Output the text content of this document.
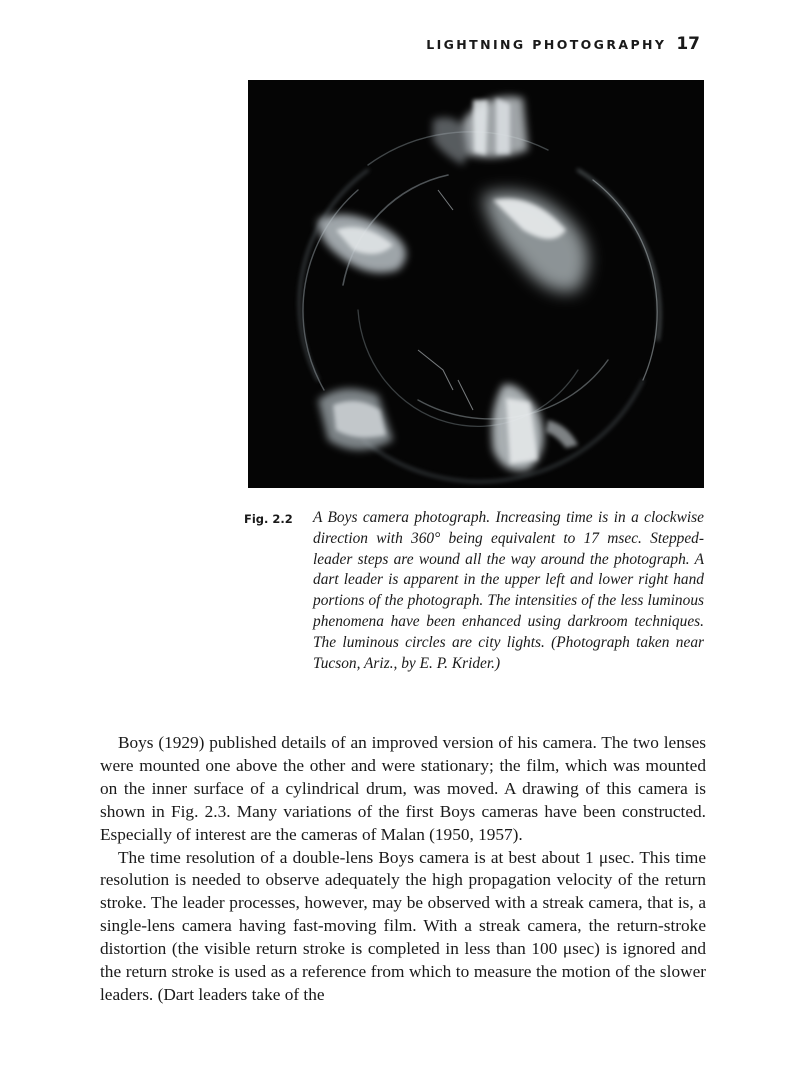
LIGHTNING PHOTOGRAPHY 17
Fig. 2.2 A Boys camera photograph. Increasing time is in a clockwise direction with 360° being equivalent to 17 msec. Stepped-leader steps are wound all the way around the photograph. A dart leader is apparent in the upper left and lower right hand portions of the photograph. The intensities of the less luminous phenomena have been enhanced using darkroom techniques. The luminous circles are city lights. (Photograph taken near Tucson, Ariz., by E. P. Krider.)

Boys (1929) published details of an improved version of his camera. The two lenses were mounted one above the other and were stationary; the film, which was mounted on the inner surface of a cylindrical drum, was moved. A drawing of this camera is shown in Fig. 2.3. Many variations of the first Boys cameras have been constructed. Especially of interest are the cameras of Malan (1950, 1957).

The time resolution of a double-lens Boys camera is at best about 1 μsec. This time resolution is needed to observe adequately the high propagation velocity of the return stroke. The leader processes, however, may be observed with a streak camera, that is, a single-lens camera having fast-moving film. With a streak camera, the return-stroke distortion (the visible return stroke is completed in less than 100 μsec) is ignored and the return stroke is used as a reference from which to measure the motion of the slower leaders. (Dart leaders take of the
